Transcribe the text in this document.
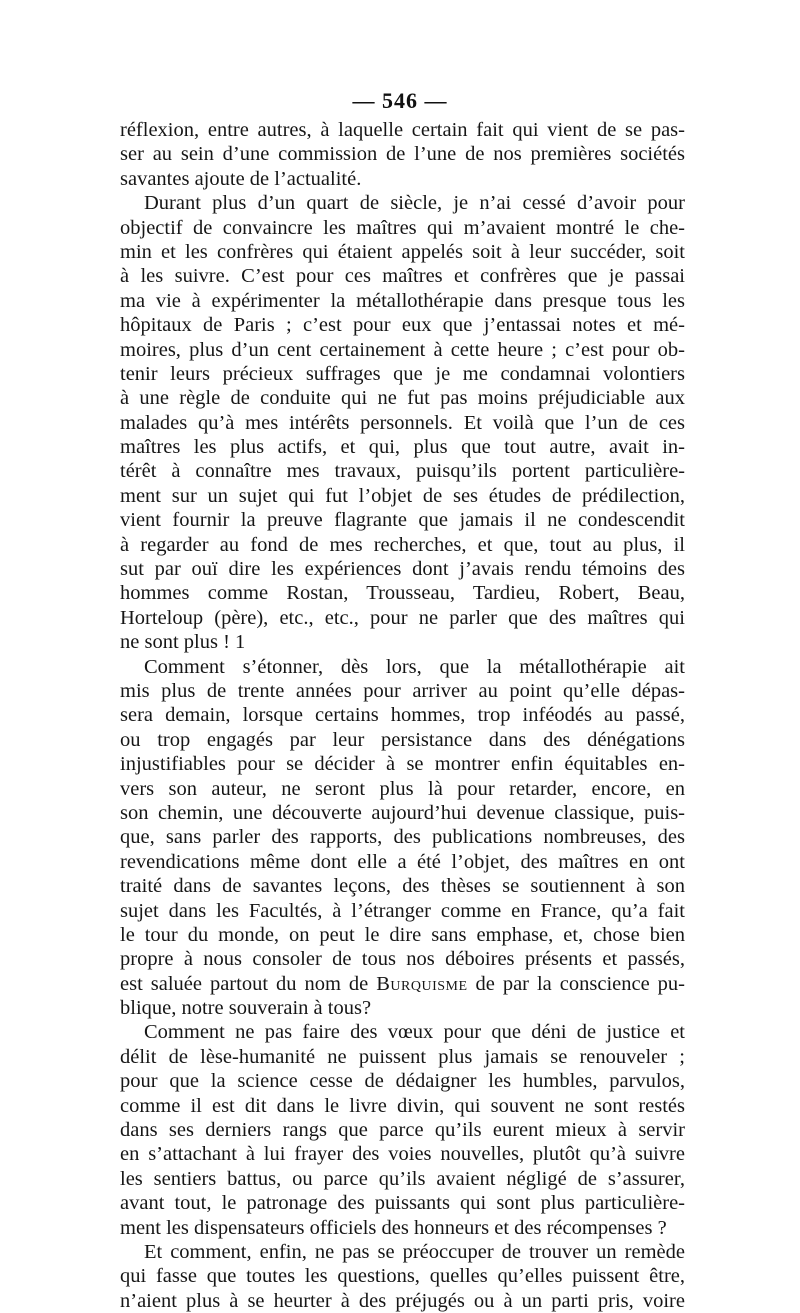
— 546 —
réflexion, entre autres, à laquelle certain fait qui vient de se pas-
ser au sein d’une commission de l’une de nos premières sociétés
savantes ajoute de l’actualité.
Durant plus d’un quart de siècle, je n’ai cessé d’avoir pour
objectif de convaincre les maîtres qui m’avaient montré le che-
min et les confrères qui étaient appelés soit à leur succéder, soit
à les suivre. C’est pour ces maîtres et confrères que je passai
ma vie à expérimenter la métallothérapie dans presque tous les
hôpitaux de Paris ; c’est pour eux que j’entassai notes et mé-
moires, plus d’un cent certainement à cette heure ; c’est pour ob-
tenir leurs précieux suffrages que je me condamnai volontiers
à une règle de conduite qui ne fut pas moins préjudiciable aux
malades qu’à mes intérêts personnels. Et voilà que l’un de ces
maîtres les plus actifs, et qui, plus que tout autre, avait in-
térêt à connaître mes travaux, puisqu’ils portent particulière-
ment sur un sujet qui fut l’objet de ses études de prédilection,
vient fournir la preuve flagrante que jamais il ne condescendit
à regarder au fond de mes recherches, et que, tout au plus, il
sut par ouï dire les expériences dont j’avais rendu témoins des
hommes comme Rostan, Trousseau, Tardieu, Robert, Beau,
Horteloup (père), etc., etc., pour ne parler que des maîtres qui
ne sont plus ! 1
Comment s’étonner, dès lors, que la métallothérapie ait
mis plus de trente années pour arriver au point qu’elle dépas-
sera demain, lorsque certains hommes, trop inféodés au passé,
ou trop engagés par leur persistance dans des dénégations
injustifiables pour se décider à se montrer enfin équitables en-
vers son auteur, ne seront plus là pour retarder, encore, en
son chemin, une découverte aujourd’hui devenue classique, puis-
que, sans parler des rapports, des publications nombreuses, des
revendications même dont elle a été l’objet, des maîtres en ont
traité dans de savantes leçons, des thèses se soutiennent à son
sujet dans les Facultés, à l’étranger comme en France, qu’a fait
le tour du monde, on peut le dire sans emphase, et, chose bien
propre à nous consoler de tous nos déboires présents et passés,
est saluée partout du nom de Burquisme de par la conscience pu-
blique, notre souverain à tous?
Comment ne pas faire des vœux pour que déni de justice et
délit de lèse-humanité ne puissent plus jamais se renouveler ;
pour que la science cesse de dédaigner les humbles, parvulos,
comme il est dit dans le livre divin, qui souvent ne sont restés
dans ses derniers rangs que parce qu’ils eurent mieux à servir
en s’attachant à lui frayer des voies nouvelles, plutôt qu’à suivre
les sentiers battus, ou parce qu’ils avaient négligé de s’assurer,
avant tout, le patronage des puissants qui sont plus particulière-
ment les dispensateurs officiels des honneurs et des récompenses ?
Et comment, enfin, ne pas se préoccuper de trouver un remède
qui fasse que toutes les questions, quelles qu’elles puissent être,
n’aient plus à se heurter à des préjugés ou à un parti pris, voire
